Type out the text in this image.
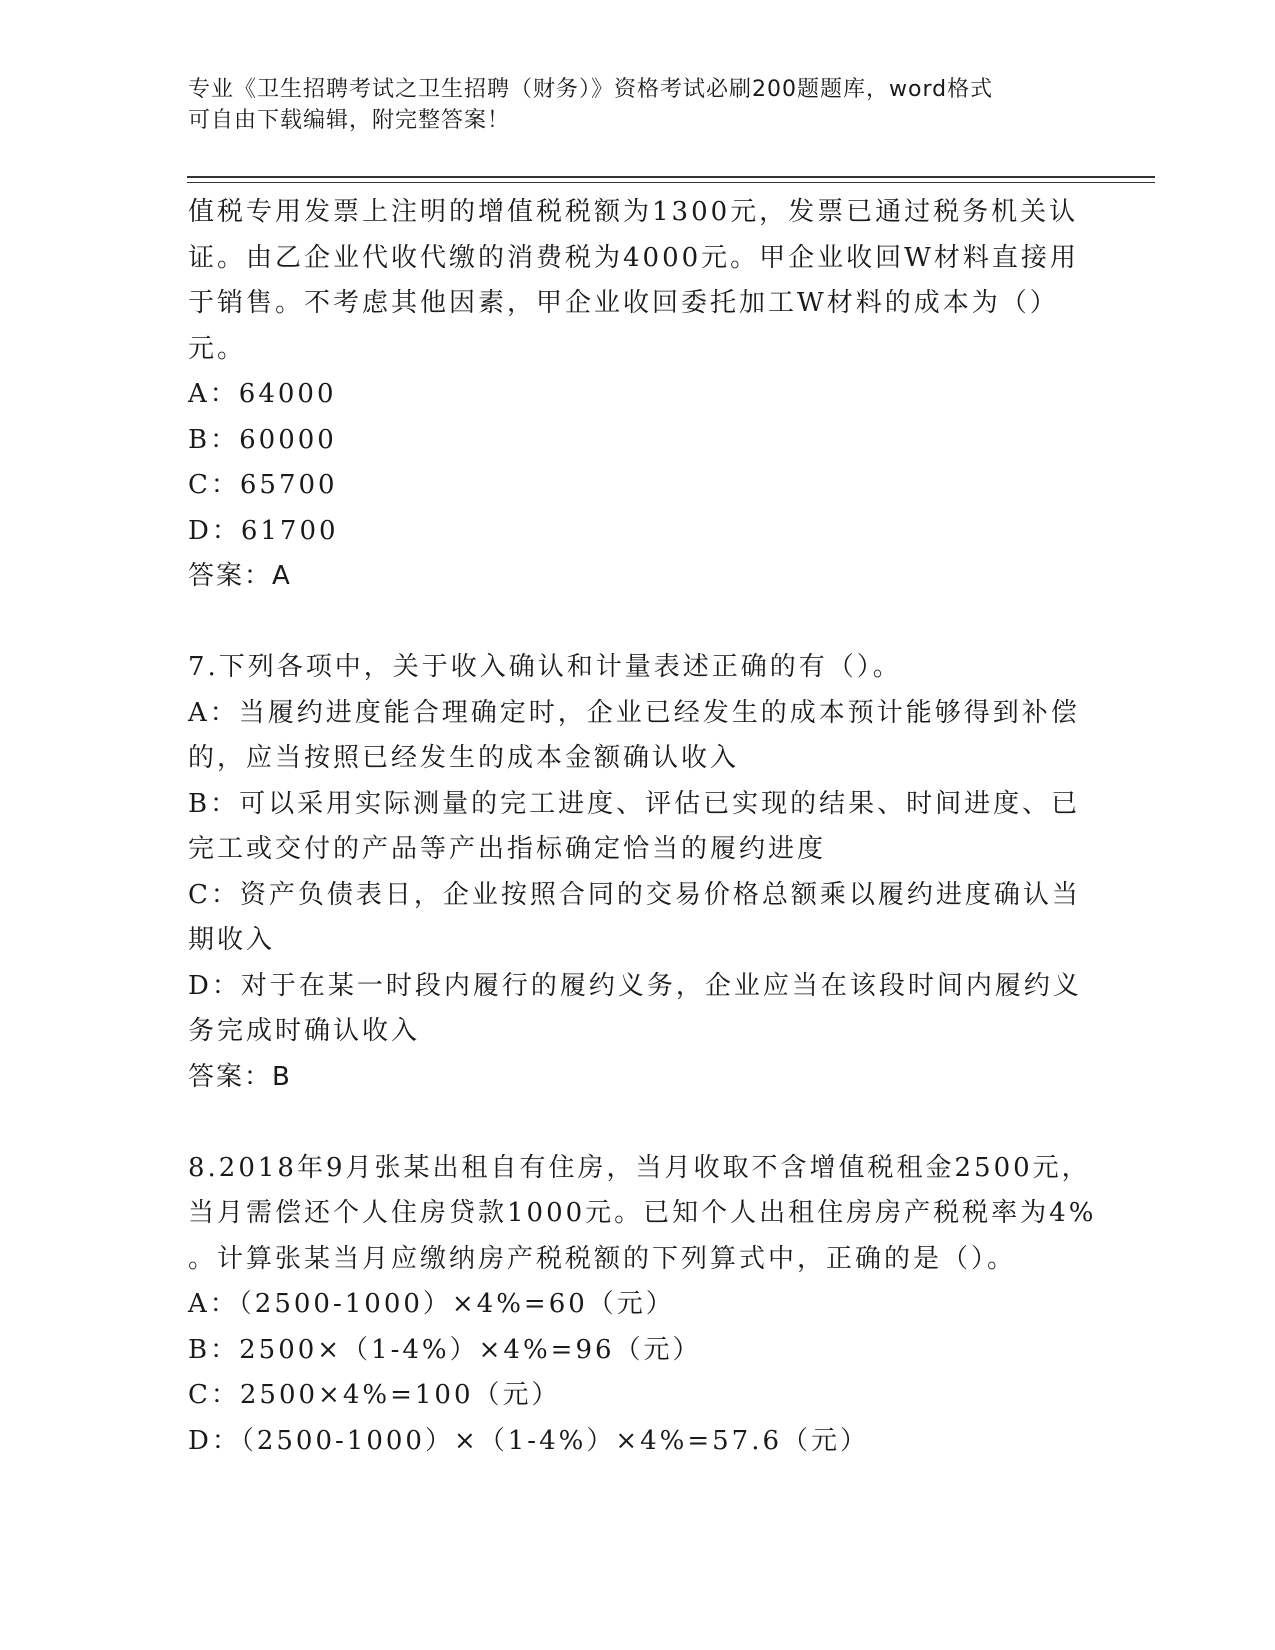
专业《卫生招聘考试之卫生招聘（财务）》资格考试必刷200题题库，word格式
可自由下载编辑，附完整答案！
值税专用发票上注明的增值税税额为1300元，发票已通过税务机关认
证。由乙企业代收代缴的消费税为4000元。甲企业收回W材料直接用
于销售。不考虑其他因素，甲企业收回委托加工W材料的成本为（）
元。
A：64000
B：60000
C：65700
D：61700
答案：A
7.下列各项中，关于收入确认和计量表述正确的有（）。
A：当履约进度能合理确定时，企业已经发生的成本预计能够得到补偿
的，应当按照已经发生的成本金额确认收入
B：可以采用实际测量的完工进度、评估已实现的结果、时间进度、已
完工或交付的产品等产出指标确定恰当的履约进度
C：资产负债表日，企业按照合同的交易价格总额乘以履约进度确认当
期收入
D：对于在某一时段内履行的履约义务，企业应当在该段时间内履约义
务完成时确认收入
答案：B
8.2018年9月张某出租自有住房，当月收取不含增值税租金2500元，
当月需偿还个人住房贷款1000元。已知个人出租住房房产税税率为4%
。计算张某当月应缴纳房产税税额的下列算式中，正确的是（）。
A：（2500-1000）×4%=60（元）
B：2500×（1-4%）×4%=96（元）
C：2500×4%=100（元）
D：（2500-1000）×（1-4%）×4%=57.6（元）
